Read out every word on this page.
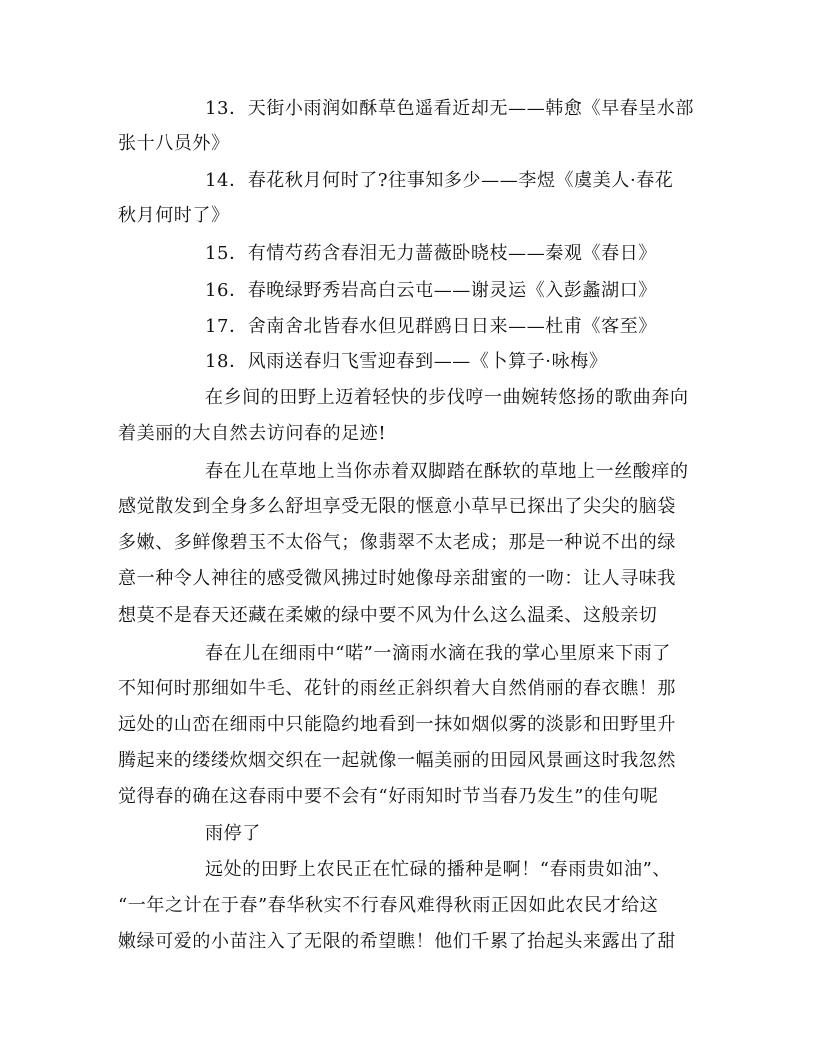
13．天街小雨润如酥草色遥看近却无——韩愈《早春呈水部
张十八员外》
14．春花秋月何时了?往事知多少——李煜《虞美人·春花
秋月何时了》
15．有情芍药含春泪无力蔷薇卧晓枝——秦观《春日》
16．春晚绿野秀岩高白云屯——谢灵运《入彭蠡湖口》
17．舍南舍北皆春水但见群鸥日日来——杜甫《客至》
18．风雨送春归飞雪迎春到——《卜算子·咏梅》
在乡间的田野上迈着轻快的步伐哼一曲婉转悠扬的歌曲奔向
着美丽的大自然去访问春的足迹!
春在儿在草地上当你赤着双脚踏在酥软的草地上一丝酸痒的
感觉散发到全身多么舒坦享受无限的惬意小草早已探出了尖尖的脑袋
多嫩、多鲜像碧玉不太俗气；像翡翠不太老成；那是一种说不出的绿
意一种令人神往的感受微风拂过时她像母亲甜蜜的一吻：让人寻味我
想莫不是春天还藏在柔嫩的绿中要不风为什么这么温柔、这般亲切
春在儿在细雨中“喏”一滴雨水滴在我的掌心里原来下雨了
不知何时那细如牛毛、花针的雨丝正斜织着大自然俏丽的春衣瞧！那
远处的山峦在细雨中只能隐约地看到一抹如烟似雾的淡影和田野里升
腾起来的缕缕炊烟交织在一起就像一幅美丽的田园风景画这时我忽然
觉得春的确在这春雨中要不会有“好雨知时节当春乃发生”的佳句呢
雨停了
远处的田野上农民正在忙碌的播种是啊！“春雨贵如油”、
“一年之计在于春”春华秋实不行春风难得秋雨正因如此农民才给这
嫩绿可爱的小苗注入了无限的希望瞧！他们千累了抬起头来露出了甜
